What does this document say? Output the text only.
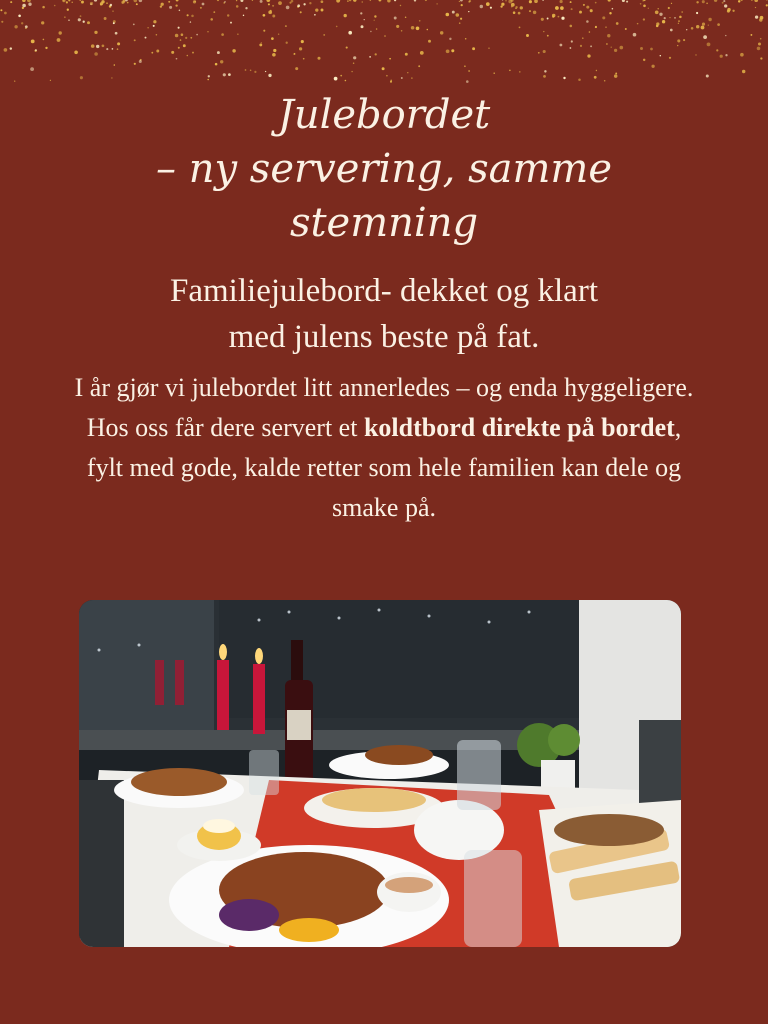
Julebordet
– ny servering, samme
stemning
Familiejulebord- dekket og klart
med julens beste på fat.
I år gjør vi julebordet litt annerledes – og enda hyggeligere. Hos oss får dere servert et koldtbord direkte på bordet, fylt med gode, kalde retter som hele familien kan dele og smake på.
